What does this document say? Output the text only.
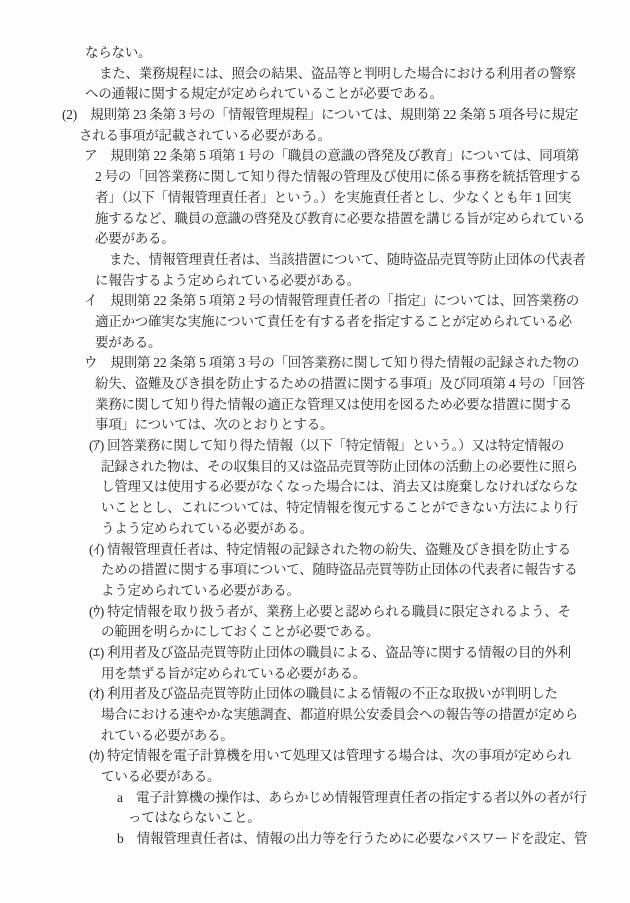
ならない。
また、業務規程には、照会の結果、盗品等と判明した場合における利用者の警察
への通報に関する規定が定められていることが必要である。
(2)　規則第 23 条第 3 号の「情報管理規程」については、規則第 22 条第 5 項各号に規定
される事項が記載されている必要がある。
ア　規則第 22 条第 5 項第 1 号の「職員の意識の啓発及び教育」については、同項第
2 号の「回答業務に関して知り得た情報の管理及び使用に係る事務を統括管理する
者」（以下「情報管理責任者」という。）を実施責任者とし、少なくとも年 1 回実
施するなど、職員の意識の啓発及び教育に必要な措置を講じる旨が定められている
必要がある。
また、情報管理責任者は、当該措置について、随時盗品売買等防止団体の代表者
に報告するよう定められている必要がある。
イ　規則第 22 条第 5 項第 2 号の情報管理責任者の「指定」については、回答業務の
適正かつ確実な実施について責任を有する者を指定することが定められている必
要がある。
ウ　規則第 22 条第 5 項第 3 号の「回答業務に関して知り得た情報の記録された物の
紛失、盗難及びき損を防止するための措置に関する事項」及び同項第 4 号の「回答
業務に関して知り得た情報の適正な管理又は使用を図るため必要な措置に関する
事項」については、次のとおりとする。
(ｱ) 回答業務に関して知り得た情報（以下「特定情報」という。）又は特定情報の
記録された物は、その収集目的又は盗品売買等防止団体の活動上の必要性に照ら
し管理又は使用する必要がなくなった場合には、消去又は廃棄しなければならな
いこととし、これについては、特定情報を復元することができない方法により行
うよう定められている必要がある。
(ｲ) 情報管理責任者は、特定情報の記録された物の紛失、盗難及びき損を防止する
ための措置に関する事項について、随時盗品売買等防止団体の代表者に報告する
よう定められている必要がある。
(ｳ) 特定情報を取り扱う者が、業務上必要と認められる職員に限定されるよう、そ
の範囲を明らかにしておくことが必要である。
(ｴ) 利用者及び盗品売買等防止団体の職員による、盗品等に関する情報の目的外利
用を禁ずる旨が定められている必要がある。
(ｵ) 利用者及び盗品売買等防止団体の職員による情報の不正な取扱いが判明した
場合における速やかな実態調査、都道府県公安委員会への報告等の措置が定めら
れている必要がある。
(ｶ) 特定情報を電子計算機を用いて処理又は管理する場合は、次の事項が定められ
ている必要がある。
a　電子計算機の操作は、あらかじめ情報管理責任者の指定する者以外の者が行
ってはならないこと。
b　情報管理責任者は、情報の出力等を行うために必要なパスワードを設定、管
